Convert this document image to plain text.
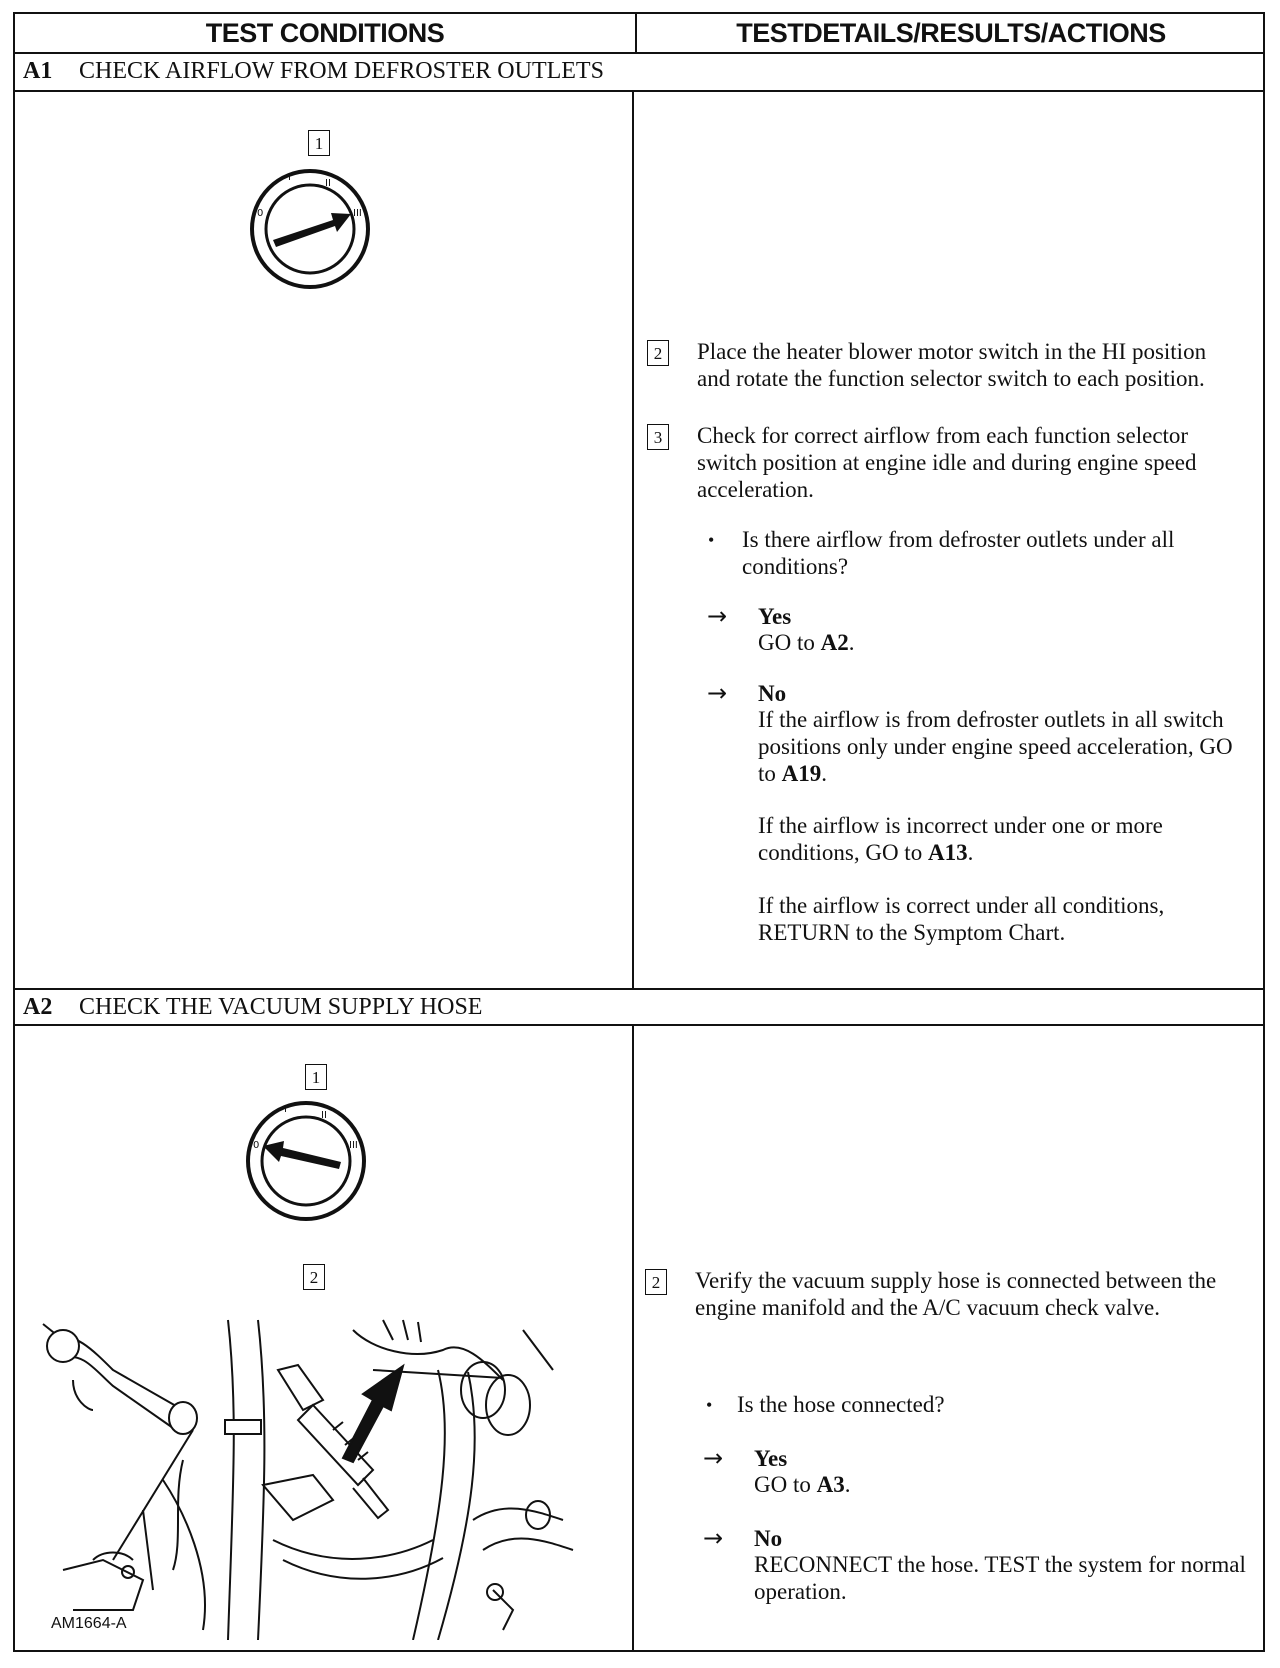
TEST CONDITIONS	TESTDETAILS/RESULTS/ACTIONS
A1 CHECK AIRFLOW FROM DEFROSTER OUTLETS
1
0
I
II
III
2 Place the heater blower motor switch in the HI position and rotate the function selector switch to each position.
3 Check for correct airflow from each function selector switch position at engine idle and during engine speed acceleration.
• Is there airflow from defroster outlets under all conditions?
→ Yes
GO to A2.
→ No
If the airflow is from defroster outlets in all switch positions only under engine speed acceleration, GO to A19.
If the airflow is incorrect under one or more conditions, GO to A13.
If the airflow is correct under all conditions, RETURN to the Symptom Chart.
A2 CHECK THE VACUUM SUPPLY HOSE
1
0
I
II
III
2
AM1664-A
2 Verify the vacuum supply hose is connected between the engine manifold and the A/C vacuum check valve.
• Is the hose connected?
→ Yes
GO to A3.
→ No
RECONNECT the hose. TEST the system for normal operation.
